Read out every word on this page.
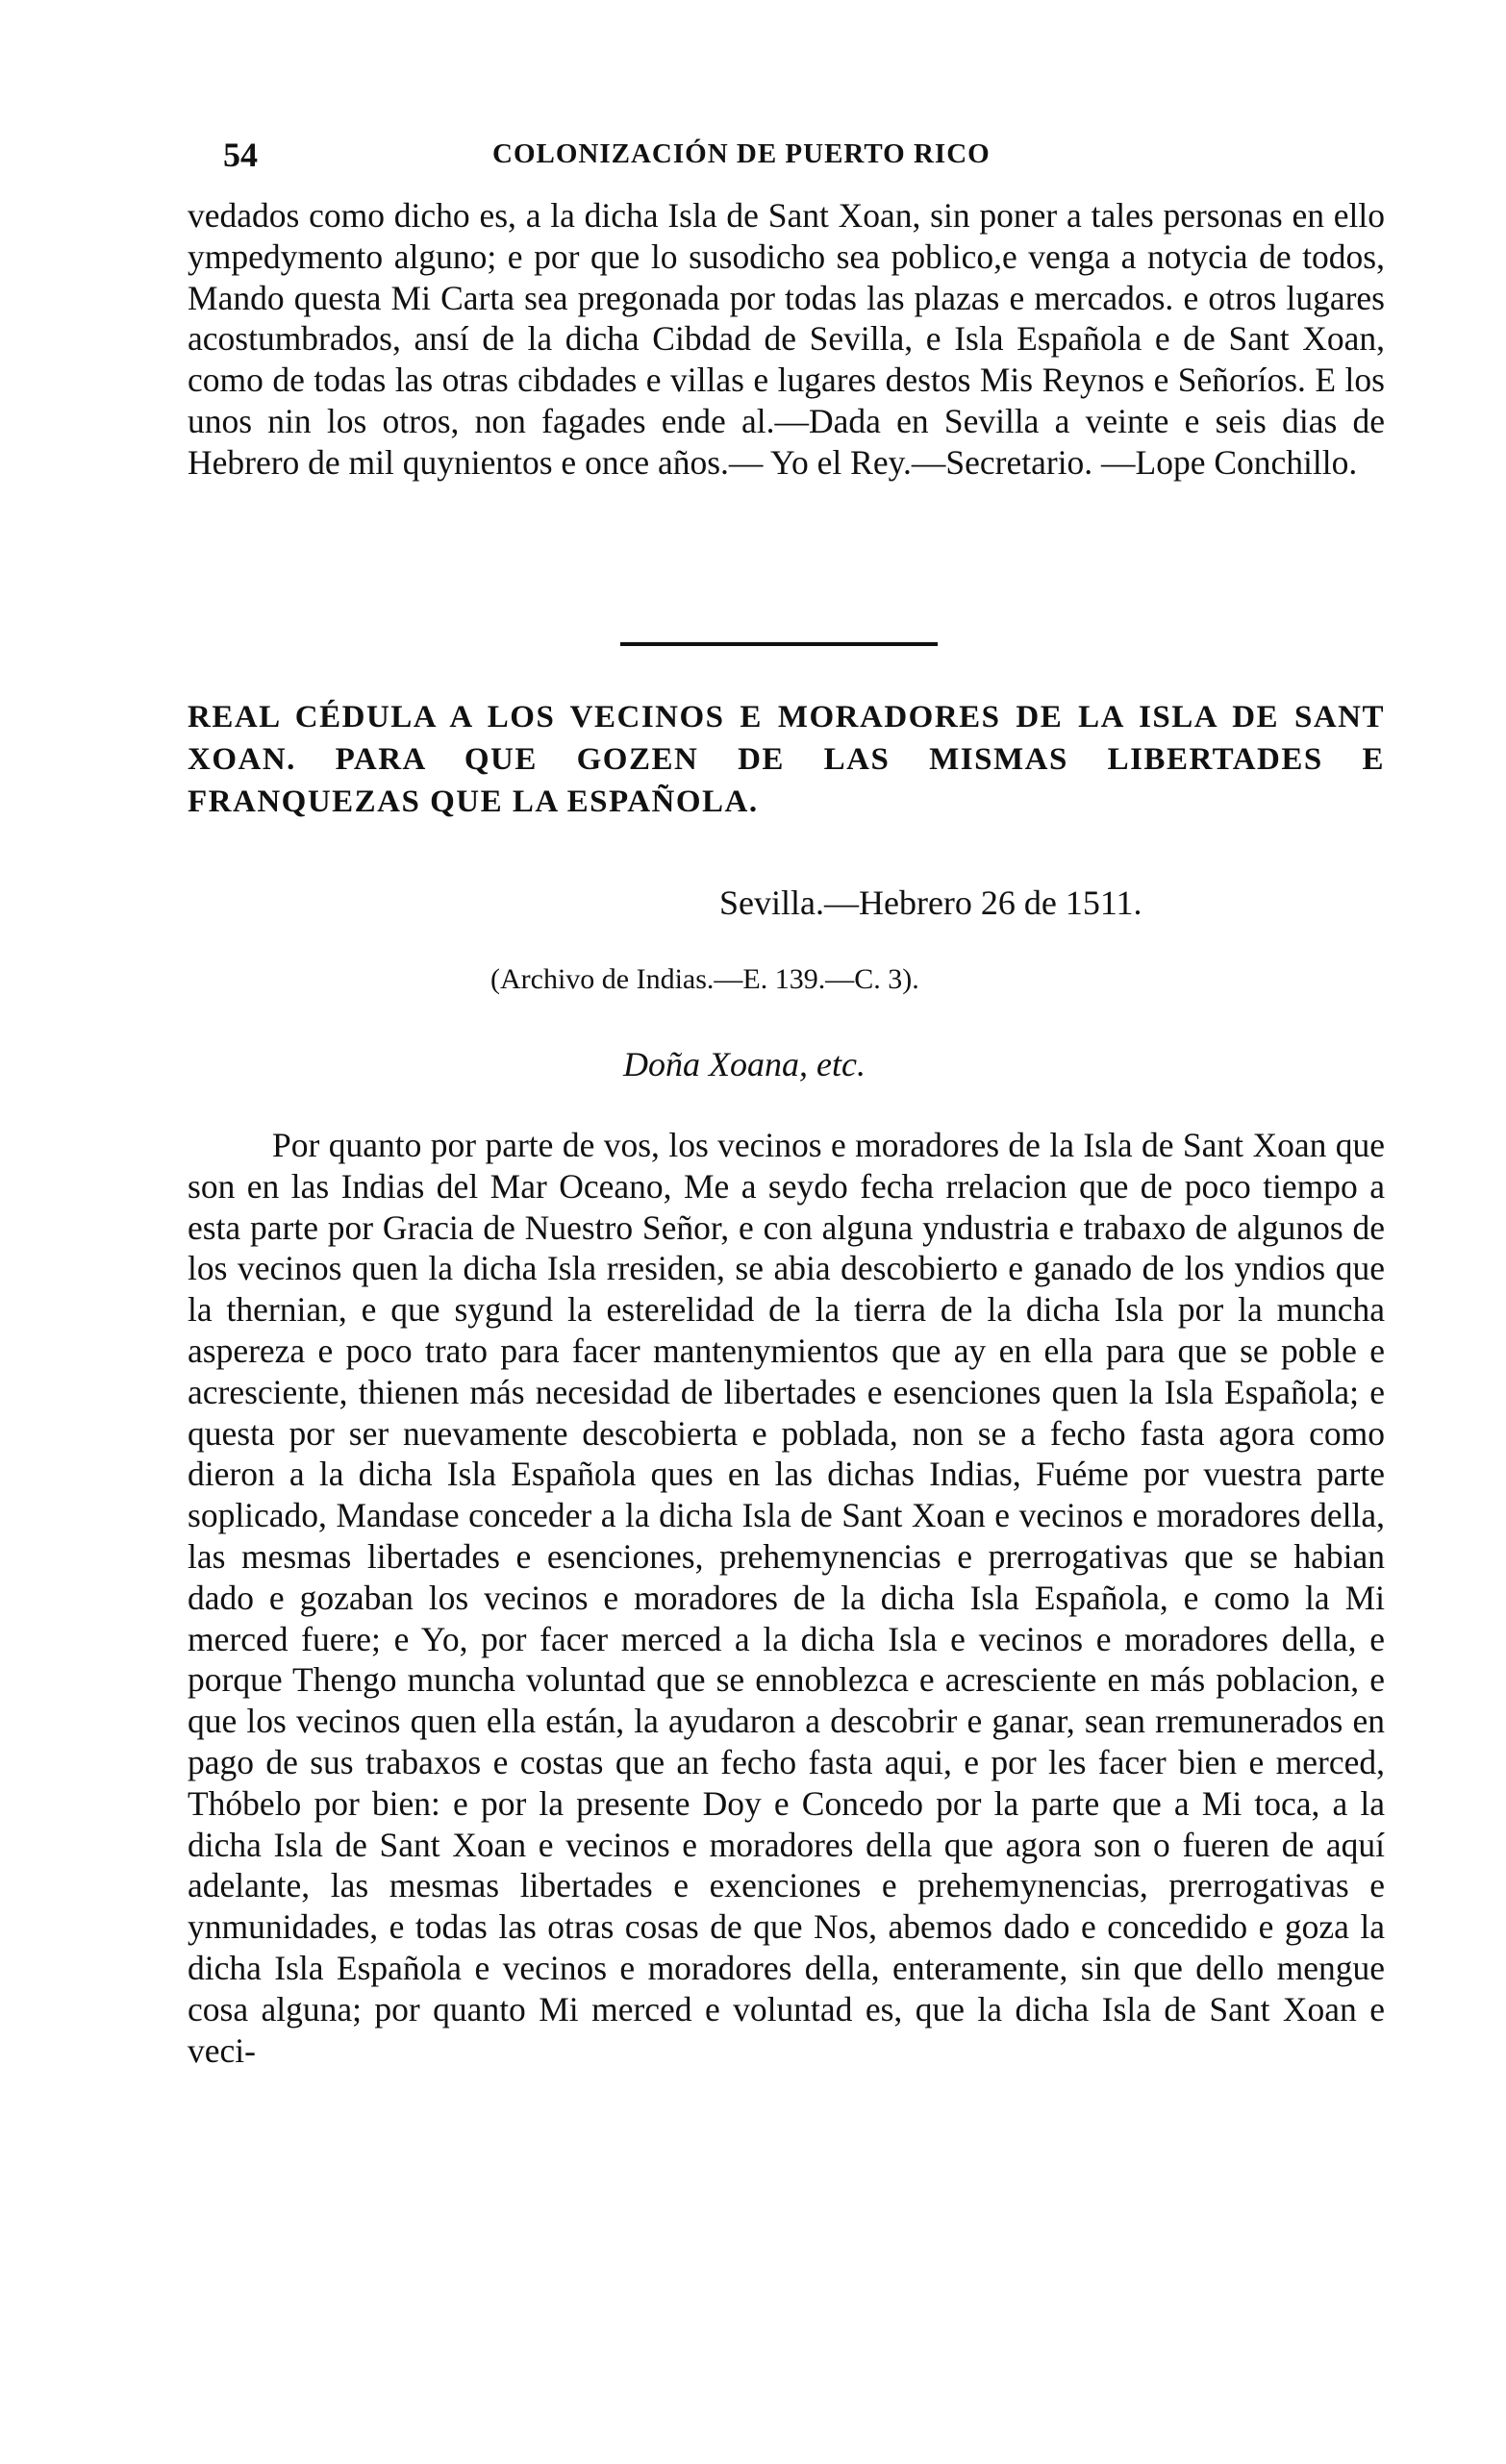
54	COLONIZACIÓN DE PUERTO RICO

vedados como dicho es, a la dicha Isla de Sant Xoan, sin poner a tales personas en ello ympedymento alguno; e por que lo susodicho sea poblico,e venga a notycia de todos, Mando questa Mi Carta sea pregonada por todas las plazas e mercados. e otros lugares acostumbrados, ansí de la dicha Cibdad de Sevilla, e Isla Española e de Sant Xoan, como de todas las otras cibdades e villas e lugares destos Mis Reynos e Señoríos. E los unos nin los otros, non fagades ende al.—Dada en Sevilla a veinte e seis dias de Hebrero de mil quynientos e once años.— Yo el Rey.—Secretario. —Lope Conchillo.

REAL CÉDULA A LOS VECINOS E MORADORES DE LA ISLA DE SANT XOAN. PARA QUE GOZEN DE LAS MISMAS LIBERTADES E FRANQUEZAS QUE LA ESPAÑOLA.
Sevilla.—Hebrero 26 de 1511.
(Archivo de Indias.—E. 139.—C. 3).
Doña Xoana, etc.

Por quanto por parte de vos, los vecinos e moradores de la Isla de Sant Xoan que son en las Indias del Mar Oceano, Me a seydo fecha rrelacion que de poco tiempo a esta parte por Gracia de Nuestro Señor, e con alguna yndustria e trabaxo de algunos de los vecinos quen la dicha Isla rresiden, se abia descobierto e ganado de los yndios que la thernian, e que sygund la esterelidad de la tierra de la dicha Isla por la muncha aspereza e poco trato para facer mantenymientos que ay en ella para que se poble e acresciente, thienen más necesidad de libertades e esenciones quen la Isla Española; e questa por ser nuevamente descobierta e poblada, non se a fecho fasta agora como dieron a la dicha Isla Española ques en las dichas Indias, Fuéme por vuestra parte soplicado, Mandase conceder a la dicha Isla de Sant Xoan e vecinos e moradores della, las mesmas libertades e esenciones, prehemynencias e prerrogativas que se habian dado e gozaban los vecinos e moradores de la dicha Isla Española, e como la Mi merced fuere; e Yo, por facer merced a la dicha Isla e vecinos e moradores della, e porque Thengo muncha voluntad que se ennoblezca e acresciente en más poblacion, e que los vecinos quen ella están, la ayudaron a descobrir e ganar, sean rremunerados en pago de sus trabaxos e costas que an fecho fasta aqui, e por les facer bien e merced, Thóbelo por bien: e por la presente Doy e Concedo por la parte que a Mi toca, a la dicha Isla de Sant Xoan e vecinos e moradores della que agora son o fueren de aquí adelante, las mesmas libertades e exenciones e prehemynencias, prerrogativas e ynmunidades, e todas las otras cosas de que Nos, abemos dado e concedido e goza la dicha Isla Española e vecinos e moradores della, enteramente, sin que dello mengue cosa alguna; por quanto Mi merced e voluntad es, que la dicha Isla de Sant Xoan e veci-
